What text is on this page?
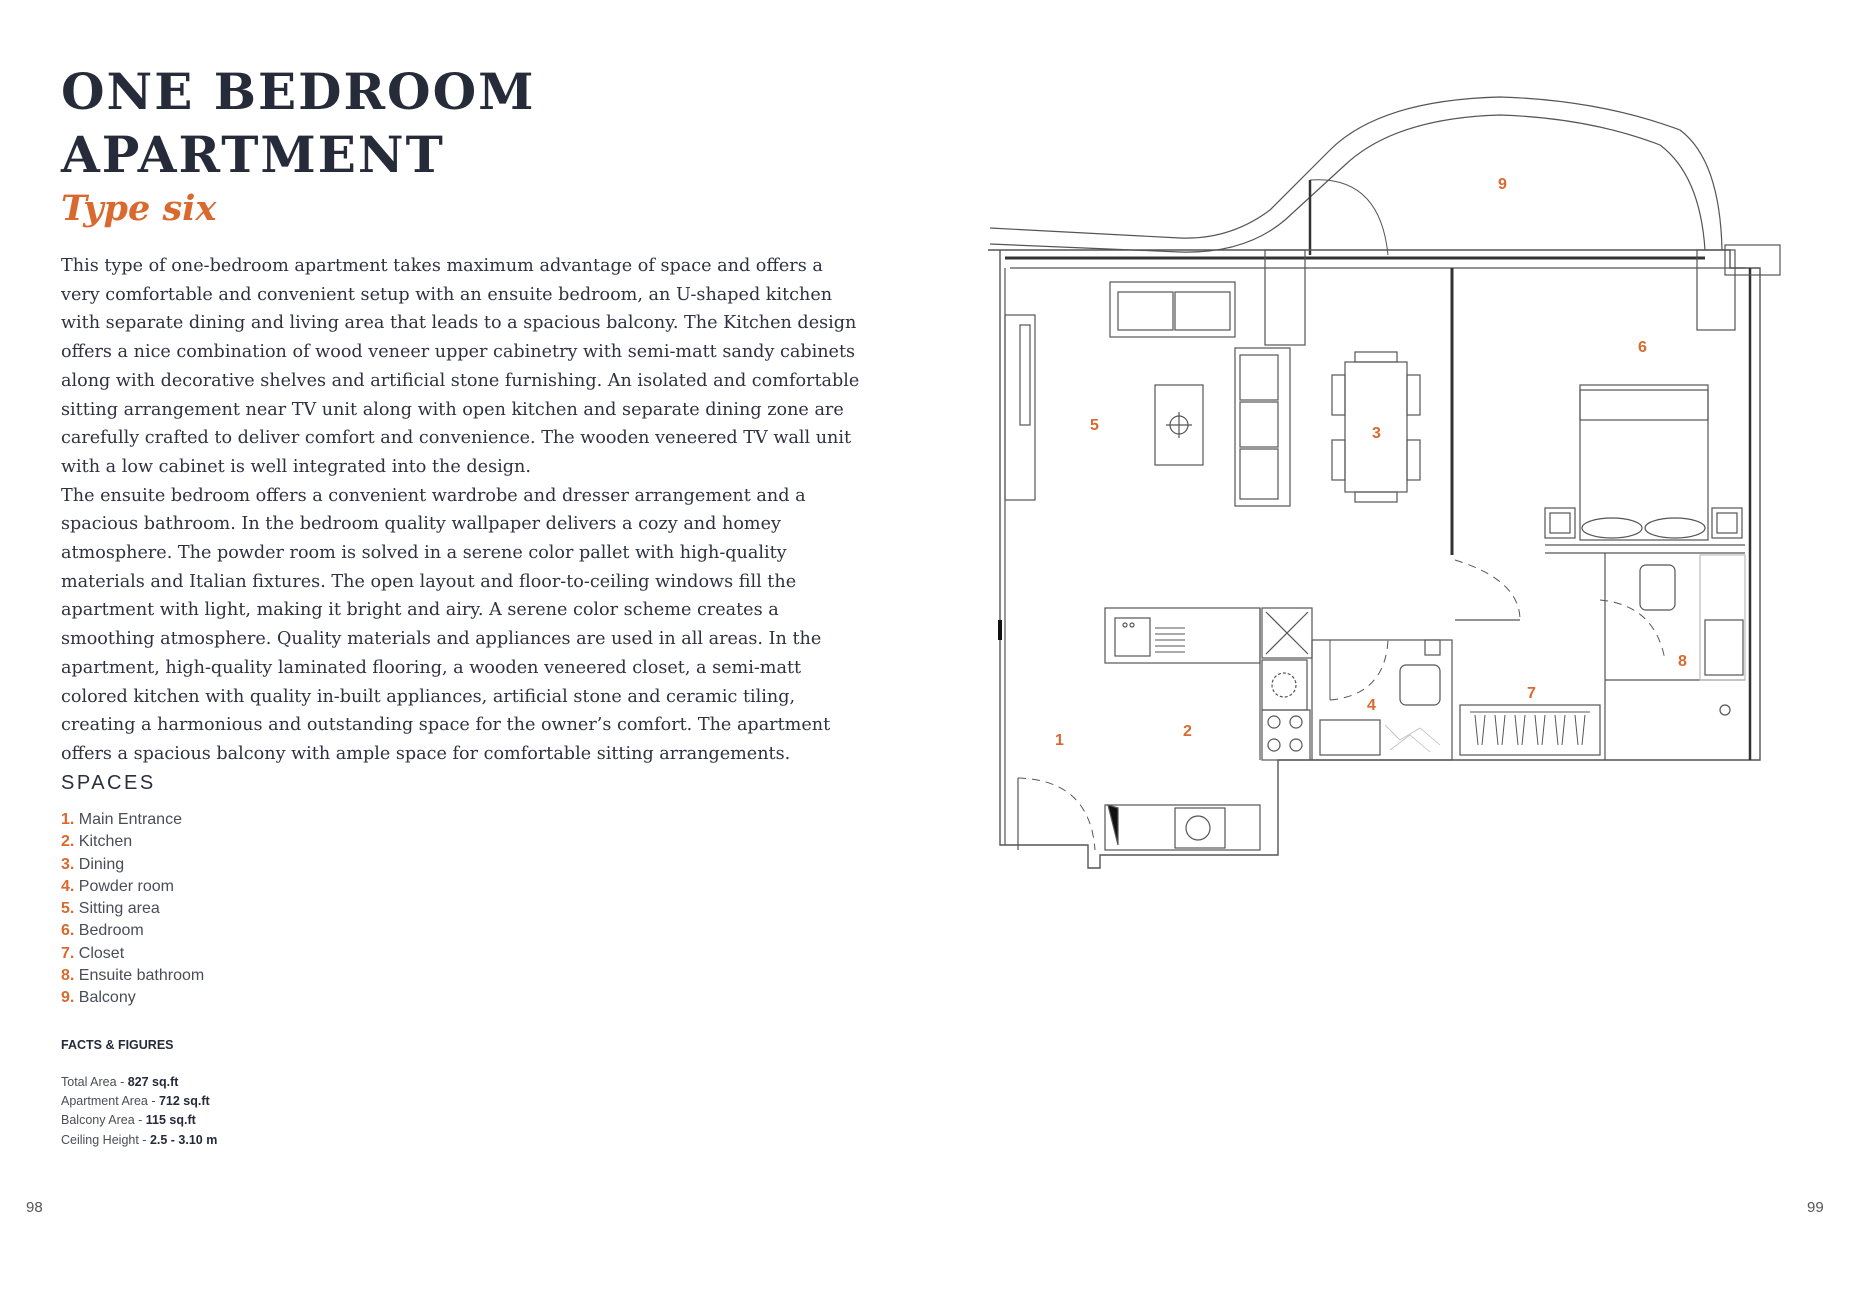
ONE BEDROOM
APARTMENT
Type six

This type of one-bedroom apartment takes maximum advantage of space and offers a very comfortable and convenient setup with an ensuite bedroom, an U-shaped kitchen with separate dining and living area that leads to a spacious balcony. The Kitchen design offers a nice combination of wood veneer upper cabinetry with semi-matt sandy cabinets along with decorative shelves and artificial stone furnishing. An isolated and comfortable sitting arrangement near TV unit along with open kitchen and separate dining zone are carefully crafted to deliver comfort and convenience. The wooden veneered TV wall unit with a low cabinet is well integrated into the design.

The ensuite bedroom offers a convenient wardrobe and dresser arrangement and a spacious bathroom. In the bedroom quality wallpaper delivers a cozy and homey atmosphere. The powder room is solved in a serene color pallet with high-quality materials and Italian fixtures. The open layout and floor-to-ceiling windows fill the apartment with light, making it bright and airy. A serene color scheme creates a smoothing atmosphere. Quality materials and appliances are used in all areas. In the apartment, high-quality laminated flooring, a wooden veneered closet, a semi-matt colored kitchen with quality in-built appliances, artificial stone and ceramic tiling, creating a harmonious and outstanding space for the owner’s comfort. The apartment offers a spacious balcony with ample space for comfortable sitting arrangements.

SPACES
1. Main Entrance
2. Kitchen
3. Dining
4. Powder room
5. Sitting area
6. Bedroom
7. Closet
8. Ensuite bathroom
9. Balcony
FACTS & FIGURES
Total Area - 827 sq.ft
Apartment Area - 712 sq.ft
Balcony Area - 115 sq.ft
Ceiling Height - 2.5 - 3.10 m
98	99
1
2
3
4
5
6
7
8
9
